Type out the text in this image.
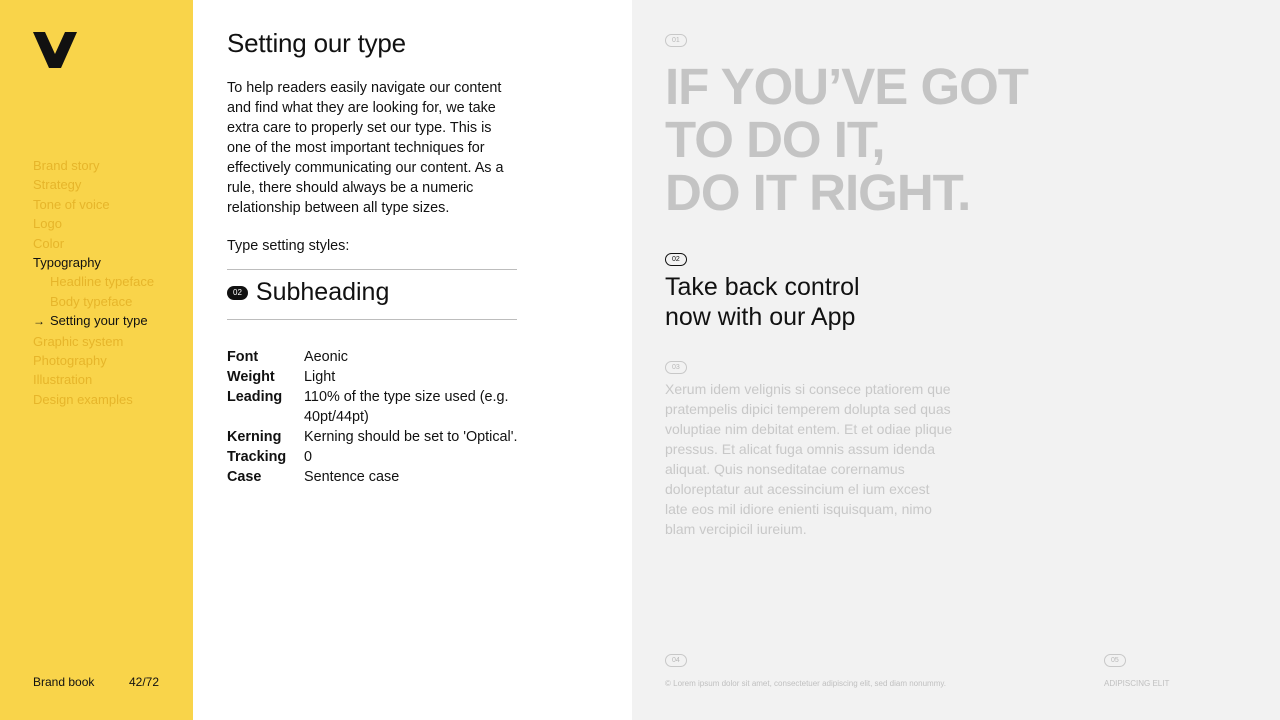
Brand story
Strategy
Tone of voice
Logo
Color
Typography
Headline typeface
Body typeface
→ Setting your type
Graphic system
Photography
Illustration
Design examples
Brand book	42/72
Setting our type

To help readers easily navigate our content and find what they are looking for, we take extra care to properly set our type. This is one of the most important techniques for effectively communicating our content. As a rule, there should always be a numeric relationship between all type sizes.

Type setting styles:
02 Subheading
Font	Aeonic
Weight	Light
Leading	110% of the type size used (e.g. 40pt/44pt)
Kerning	Kerning should be set to 'Optical'.
Tracking	0
Case	Sentence case
01
IF YOU’VE GOT
TO DO IT,
DO IT RIGHT.
02
Take back control
now with our App
03

Xerum idem velignis si consece ptatiorem que pratempelis dipici temperem dolupta sed quas voluptiae nim debitat entem. Et et odiae plique pressus. Et alicat fuga omnis assum idenda aliquat. Quis nonseditatae corernamus doloreptatur aut acessincium el ium excest late eos mil idiore enienti isquisquam, nimo blam vercipicil iureium.

04
© Lorem ipsum dolor sit amet, consectetuer adipiscing elit, sed diam nonummy.
05
ADIPISCING ELIT
